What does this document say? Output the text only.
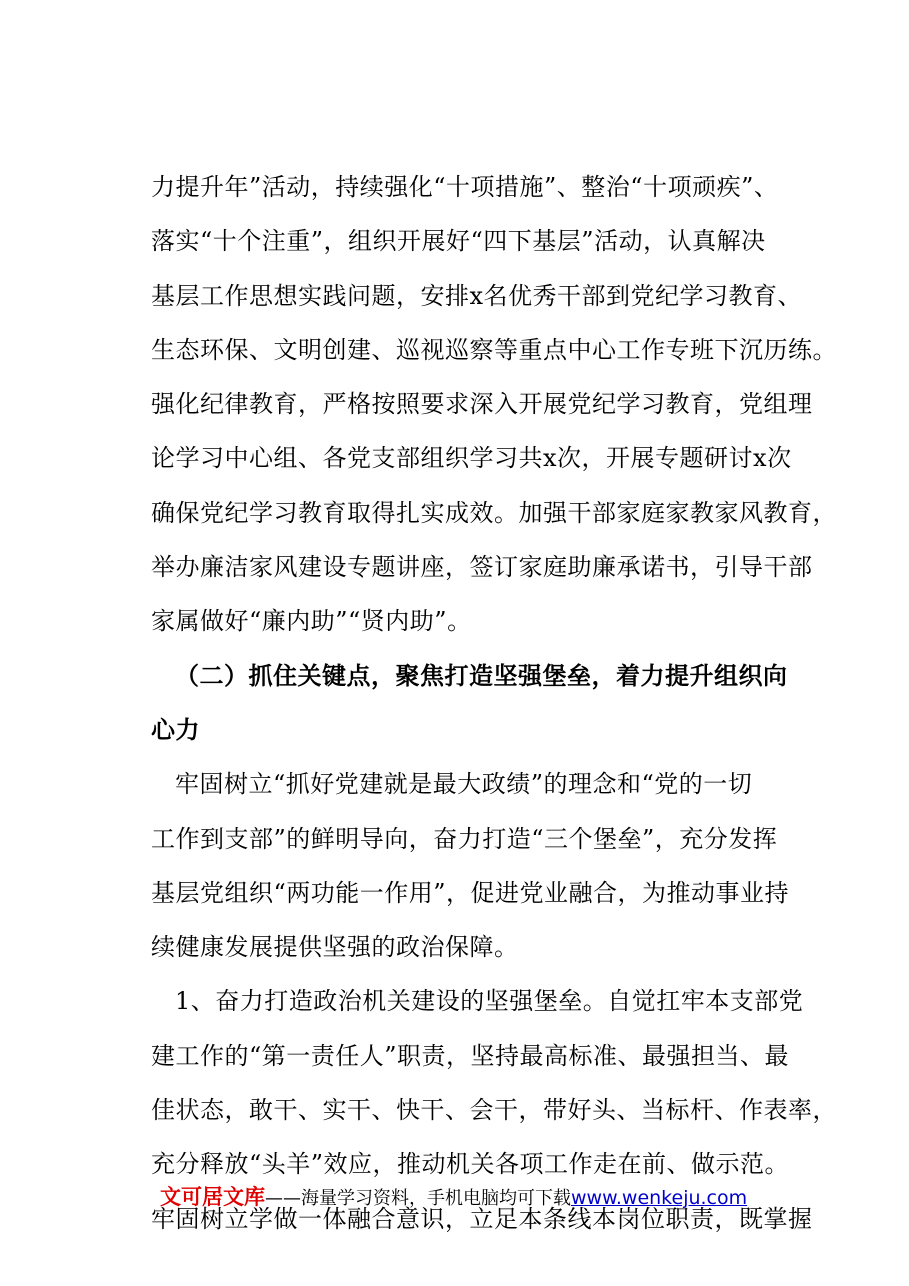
力提升年”活动，持续强化“十项措施”、整治“十项顽疾”、
落实“十个注重”，组织开展好“四下基层”活动，认真解决
基层工作思想实践问题，安排x名优秀干部到党纪学习教育、
生态环保、文明创建、巡视巡察等重点中心工作专班下沉历练。
强化纪律教育，严格按照要求深入开展党纪学习教育，党组理
论学习中心组、各党支部组织学习共x次，开展专题研讨x次
确保党纪学习教育取得扎实成效。加强干部家庭家教家风教育，
举办廉洁家风建设专题讲座，签订家庭助廉承诺书，引导干部
家属做好“廉内助”“贤内助”。
（二）抓住关键点，聚焦打造坚强堡垒，着力提升组织向
心力
牢固树立“抓好党建就是最大政绩”的理念和“党的一切
工作到支部”的鲜明导向，奋力打造“三个堡垒”，充分发挥
基层党组织“两功能一作用”，促进党业融合，为推动事业持
续健康发展提供坚强的政治保障。
1、奋力打造政治机关建设的坚强堡垒。自觉扛牢本支部党
建工作的“第一责任人”职责，坚持最高标准、最强担当、最
佳状态，敢干、实干、快干、会干，带好头、当标杆、作表率，
充分释放“头羊”效应，推动机关各项工作走在前、做示范。
牢固树立学做一体融合意识，立足本条线本岗位职责，既掌握
文可居文库——海量学习资料，手机电脑均可下载www.wenkeju.com
